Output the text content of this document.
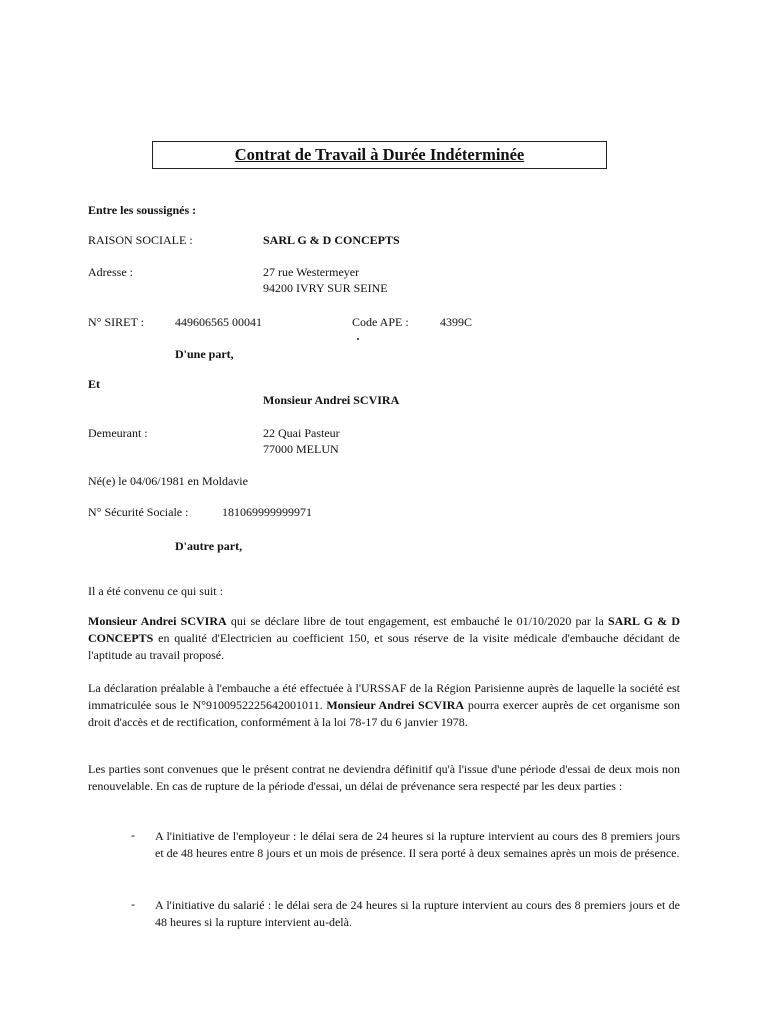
Contrat de Travail à Durée Indéterminée
Entre les soussignés :
RAISON SOCIALE :	SARL G & D CONCEPTS
Adresse :	27 rue Westermeyer
94200 IVRY SUR SEINE
N° SIRET :	449606565 00041	Code APE :	4399C
D'une part,
Et
Monsieur Andrei SCVIRA
Demeurant :	22 Quai Pasteur
77000 MELUN
Né(e) le 04/06/1981 en Moldavie
N° Sécurité Sociale :	181069999999971
D'autre part,
Il a été convenu ce qui suit :
Monsieur Andrei SCVIRA qui se déclare libre de tout engagement, est embauché le 01/10/2020 par la SARL G & D CONCEPTS en qualité d'Electricien au coefficient 150, et sous réserve de la visite médicale d'embauche décidant de l'aptitude au travail proposé.
La déclaration préalable à l'embauche a été effectuée à l'URSSAF de la Région Parisienne auprès de laquelle la société est immatriculée sous le N°9100952225642001011. Monsieur Andrei SCVIRA pourra exercer auprès de cet organisme son droit d'accès et de rectification, conformément à la loi 78-17 du 6 janvier 1978.
Les parties sont convenues que le présent contrat ne deviendra définitif qu'à l'issue d'une période d'essai de deux mois non renouvelable. En cas de rupture de la période d'essai, un délai de prévenance sera respecté par les deux parties :
-	A l'initiative de l'employeur : le délai sera de 24 heures si la rupture intervient au cours des 8 premiers jours et de 48 heures entre 8 jours et un mois de présence. Il sera porté à deux semaines après un mois de présence.
-	A l'initiative du salarié : le délai sera de 24 heures si la rupture intervient au cours des 8 premiers jours et de 48 heures si la rupture intervient au-delà.
